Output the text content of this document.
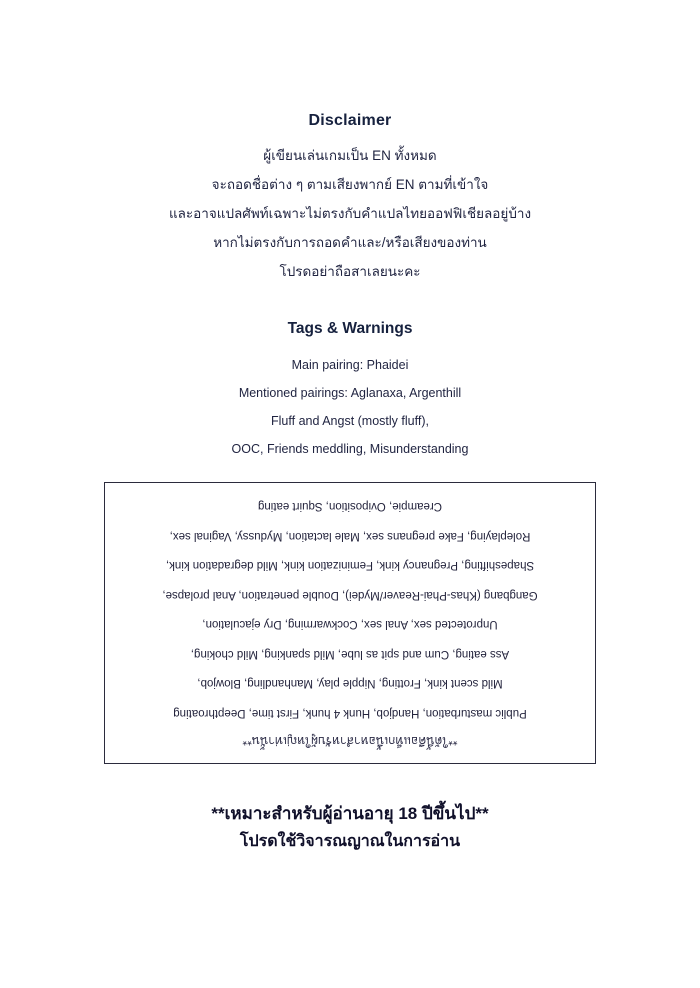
Disclaimer
ผู้เขียนเล่นเกมเป็น EN ทั้งหมด
จะถอดชื่อต่าง ๆ ตามเสียงพากย์ EN ตามที่เข้าใจ
และอาจแปลศัพท์เฉพาะไม่ตรงกับคำแปลไทยออฟฟิเชียลอยู่บ้าง
หากไม่ตรงกับการถอดคำและ/หรือเสียงของท่าน
โปรดอย่าถือสาเลยนะคะ
Tags & Warnings
Main pairing: Phaidei
Mentioned pairings: Aglanaxa, Argenthill
Fluff and Angst (mostly fluff),
OOC, Friends meddling, Misunderstanding
**ใต้นี้คือแท็กเนื้อหาสำหรับผู้ใหญ่เท่านั้น**
Public masturbation, Handjob, Hunk 4 hunk, First time, Deepthroating
Mild scent kink, Frotting, Nipple play, Manhandling, Blowjob,
Ass eating, Cum and spit as lube, Mild spanking, Mild choking,
Unprotected sex, Anal sex, Cockwarming, Dry ejaculation,
Gangbang (Khas-Phai-Reaver/Mydei), Double penetration, Anal prolapse,
Shapeshifting, Pregnancy kink, Feminization kink, Mild degradation kink,
Roleplaying, Fake pregnans sex, Male lactation, Mydussy, Vaginal sex,
Creampie, Oviposition, Squirt eating
**เหมาะสำหรับผู้อ่านอายุ 18 ปีขึ้นไป**
โปรดใช้วิจารณญาณในการอ่าน
